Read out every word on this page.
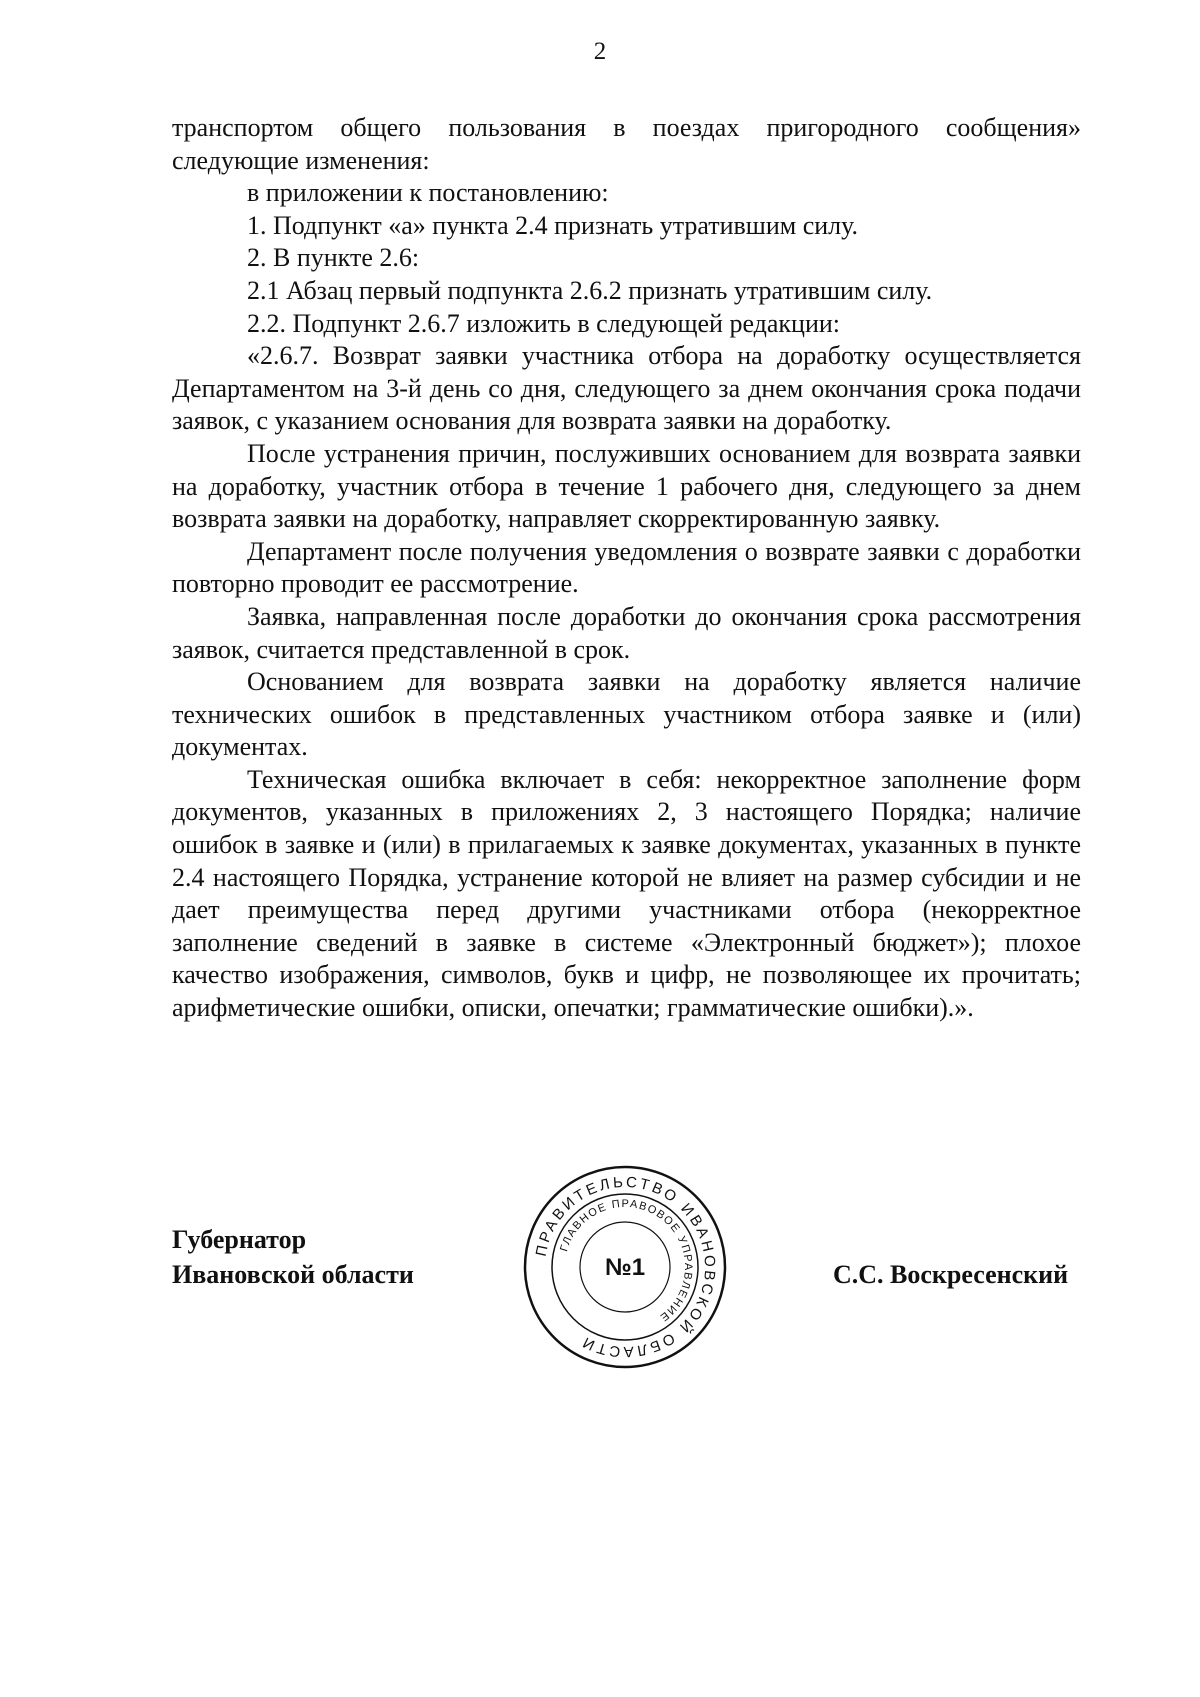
2

транспортом общего пользования в поездах пригородного сообщения» следующие изменения:

в приложении к постановлению:

1. Подпункт «а» пункта 2.4 признать утратившим силу.

2. В пункте 2.6:

2.1 Абзац первый подпункта 2.6.2 признать утратившим силу.

2.2. Подпункт 2.6.7 изложить в следующей редакции:

«2.6.7. Возврат заявки участника отбора на доработку осуществляется Департаментом на 3-й день со дня, следующего за днем окончания срока подачи заявок, с указанием основания для возврата заявки на доработку.

После устранения причин, послуживших основанием для возврата заявки на доработку, участник отбора в течение 1 рабочего дня, следующего за днем возврата заявки на доработку, направляет скорректированную заявку.

Департамент после получения уведомления о возврате заявки с доработки повторно проводит ее рассмотрение.

Заявка, направленная после доработки до окончания срока рассмотрения заявок, считается представленной в срок.

Основанием для возврата заявки на доработку является наличие технических ошибок в представленных участником отбора заявке и (или) документах.

Техническая ошибка включает в себя: некорректное заполнение форм документов, указанных в приложениях 2, 3 настоящего Порядка; наличие ошибок в заявке и (или) в прилагаемых к заявке документах, указанных в пункте 2.4 настоящего Порядка, устранение которой не влияет на размер субсидии и не дает преимущества перед другими участниками отбора (некорректное заполнение сведений в заявке в системе «Электронный бюджет»); плохое качество изображения, символов, букв и цифр, не позволяющее их прочитать; арифметические ошибки, описки, опечатки; грамматические ошибки).».

Губернатор
Ивановской области
ПРАВИТЕЛЬСТВО ИВАНОВСКОЙ ОБЛАСТИ
ГЛАВНОЕ ПРАВОВОЕ УПРАВЛЕНИЕ
№1	С.С. Воскресенский
